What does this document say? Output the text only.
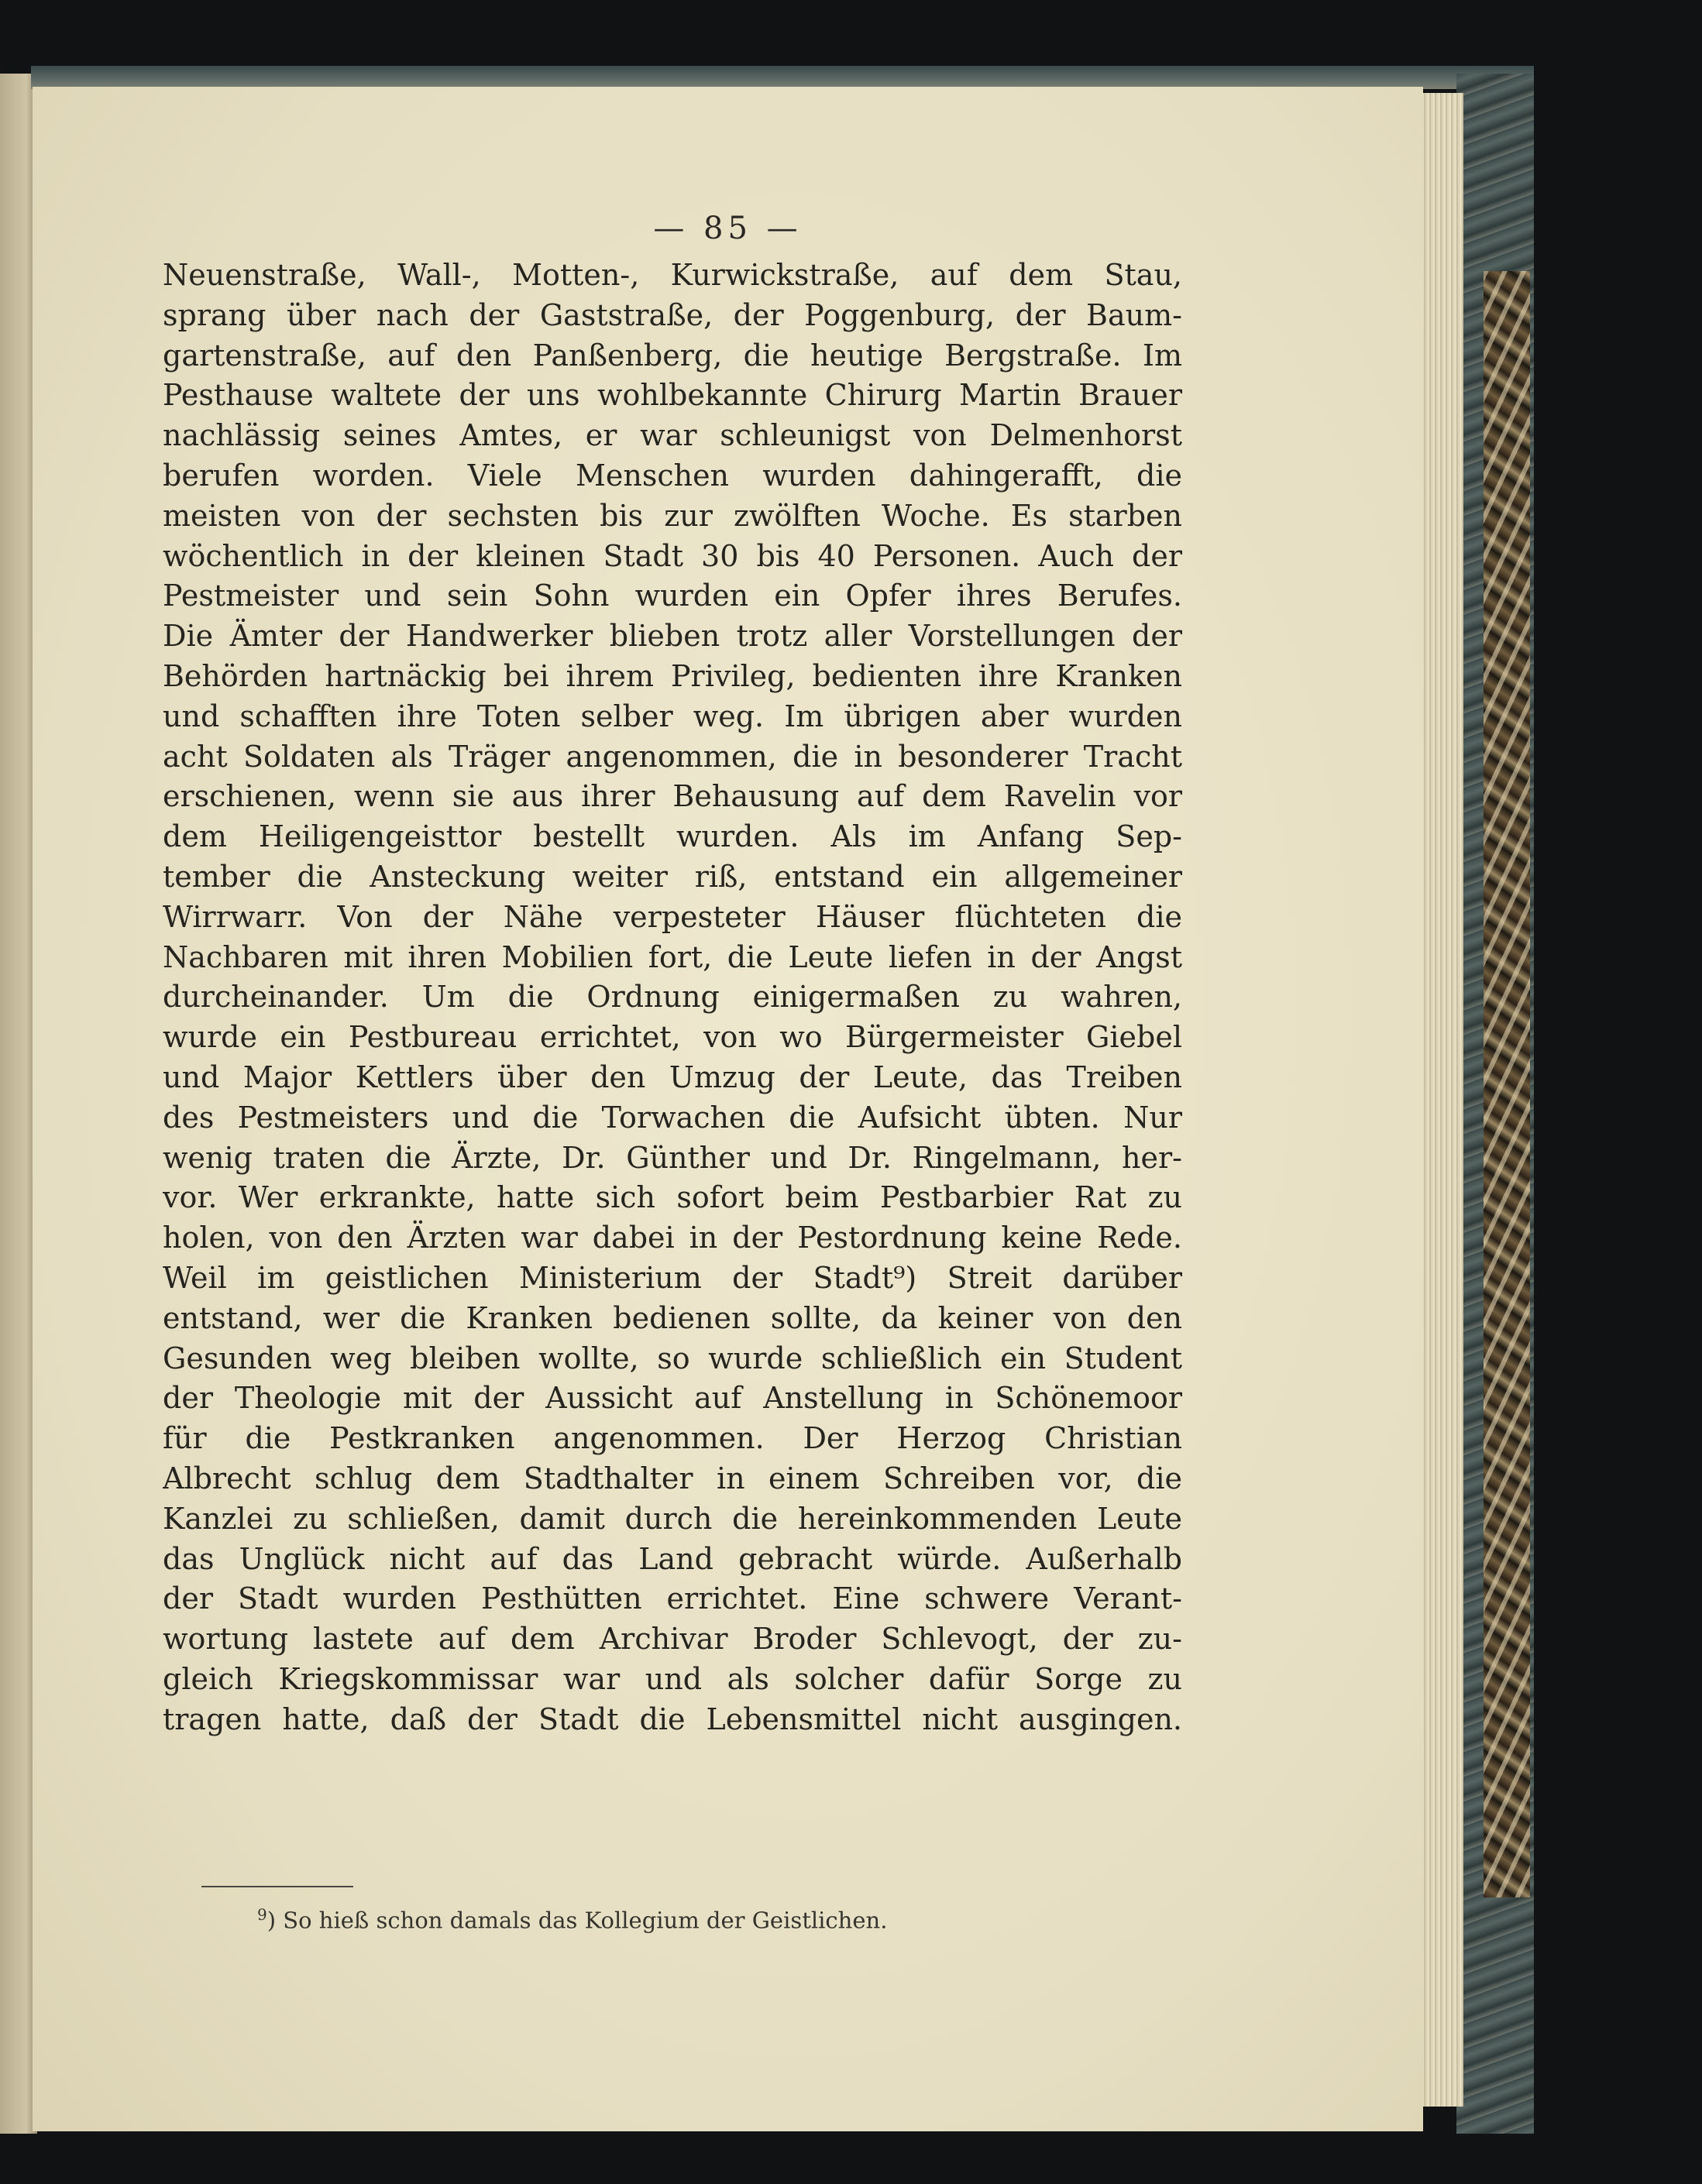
— 85 —
Neuenstraße, Wall-, Motten-, Kurwickstraße, auf dem Stau,
sprang über nach der Gaststraße, der Poggenburg, der Baum-
gartenstraße, auf den Panßenberg, die heutige Bergstraße. Im
Pesthause waltete der uns wohlbekannte Chirurg Martin Brauer
nachlässig seines Amtes, er war schleunigst von Delmenhorst
berufen worden. Viele Menschen wurden dahingerafft, die
meisten von der sechsten bis zur zwölften Woche. Es starben
wöchentlich in der kleinen Stadt 30 bis 40 Personen. Auch der
Pestmeister und sein Sohn wurden ein Opfer ihres Berufes.
Die Ämter der Handwerker blieben trotz aller Vorstellungen der
Behörden hartnäckig bei ihrem Privileg, bedienten ihre Kranken
und schafften ihre Toten selber weg. Im übrigen aber wurden
acht Soldaten als Träger angenommen, die in besonderer Tracht
erschienen, wenn sie aus ihrer Behausung auf dem Ravelin vor
dem Heiligengeisttor bestellt wurden. Als im Anfang Sep-
tember die Ansteckung weiter riß, entstand ein allgemeiner
Wirrwarr. Von der Nähe verpesteter Häuser flüchteten die
Nachbaren mit ihren Mobilien fort, die Leute liefen in der Angst
durcheinander. Um die Ordnung einigermaßen zu wahren,
wurde ein Pestbureau errichtet, von wo Bürgermeister Giebel
und Major Kettlers über den Umzug der Leute, das Treiben
des Pestmeisters und die Torwachen die Aufsicht übten. Nur
wenig traten die Ärzte, Dr. Günther und Dr. Ringelmann, her-
vor. Wer erkrankte, hatte sich sofort beim Pestbarbier Rat zu
holen, von den Ärzten war dabei in der Pestordnung keine Rede.
Weil im geistlichen Ministerium der Stadt⁹) Streit darüber
entstand, wer die Kranken bedienen sollte, da keiner von den
Gesunden weg bleiben wollte, so wurde schließlich ein Student
der Theologie mit der Aussicht auf Anstellung in Schönemoor
für die Pestkranken angenommen. Der Herzog Christian
Albrecht schlug dem Stadthalter in einem Schreiben vor, die
Kanzlei zu schließen, damit durch die hereinkommenden Leute
das Unglück nicht auf das Land gebracht würde. Außerhalb
der Stadt wurden Pesthütten errichtet. Eine schwere Verant-
wortung lastete auf dem Archivar Broder Schlevogt, der zu-
gleich Kriegskommissar war und als solcher dafür Sorge zu
tragen hatte, daß der Stadt die Lebensmittel nicht ausgingen.
$^9$) So hieß schon damals das Kollegium der Geistlichen.
